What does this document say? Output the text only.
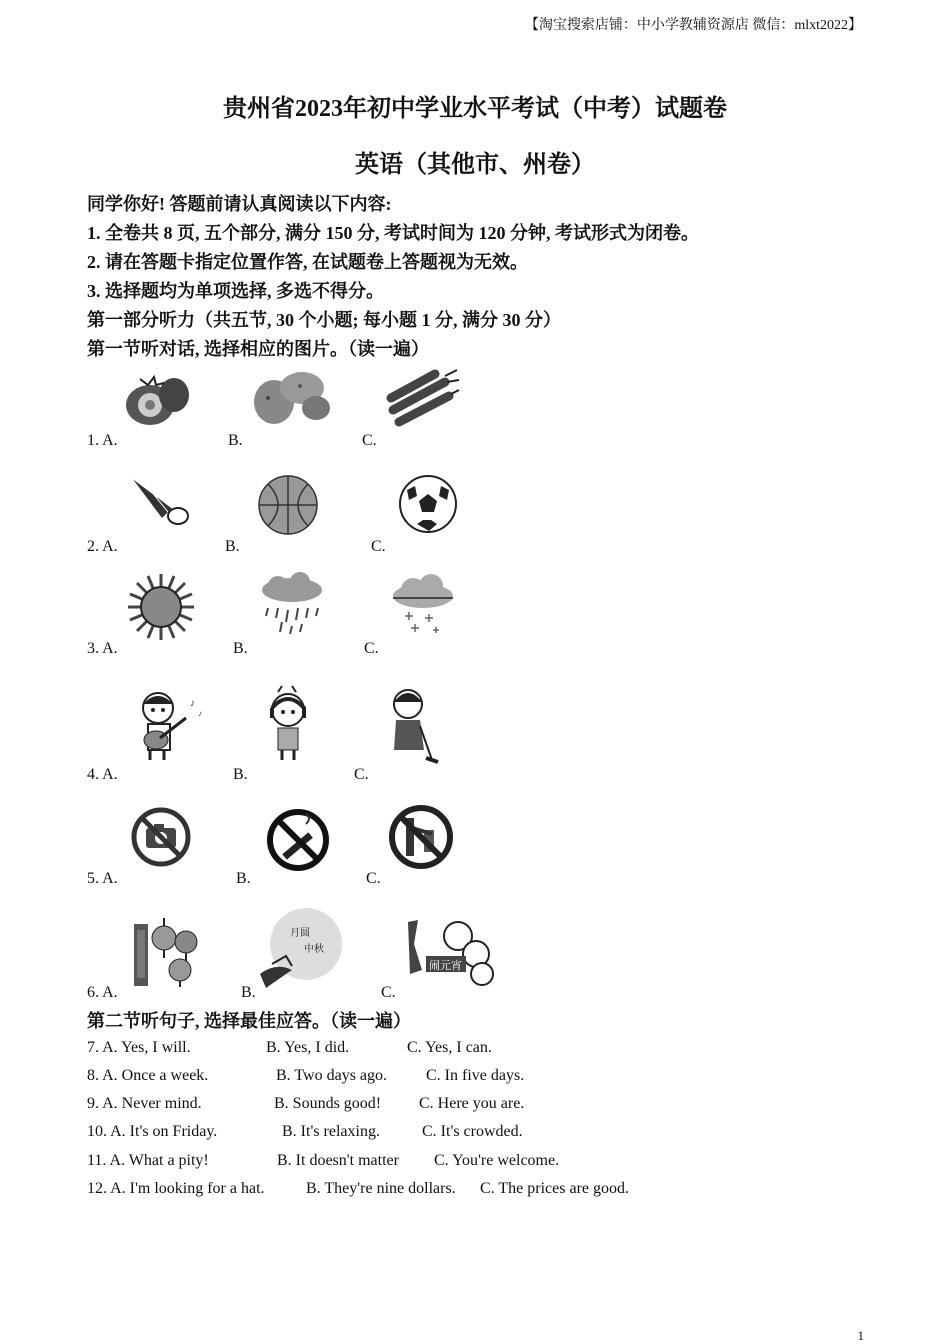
【淘宝搜索店铺：中小学教辅资源店 微信：mlxt2022】
贵州省2023年初中学业水平考试（中考）试题卷
英语（其他市、州卷）
同学你好! 答题前请认真阅读以下内容:
1. 全卷共 8 页, 五个部分, 满分 150 分, 考试时间为 120 分钟, 考试形式为闭卷。
2. 请在答题卡指定位置作答, 在试题卷上答题视为无效。
3. 选择题均为单项选择, 多选不得分。
第一部分听力（共五节, 30 个小题; 每小题 1 分, 满分 30 分）
第一节听对话, 选择相应的图片。（读一遍）
1. A.	B.	C.
2. A.	B.	C.
3. A.	B.	C.
♪
♪
4. A.	B.	C.
5. A.	B.	C.
月圆
中秋
闹元宵
6. A.	B.	C.
第二节听句子, 选择最佳应答。（读一遍）
7. A. Yes, I will.	B. Yes, I did.	C. Yes, I can.
8. A. Once a week.	B. Two days ago. C. In five days.
9. A. Never mind.	B. Sounds good! C. Here you are.
10. A. It's on Friday.	B. It's relaxing.	C. It's crowded.
11. A. What a pity!	B. It doesn't matter C. You're welcome.
12. A. I'm looking for a hat.	B. They're nine dollars. C. The prices are good.
1
